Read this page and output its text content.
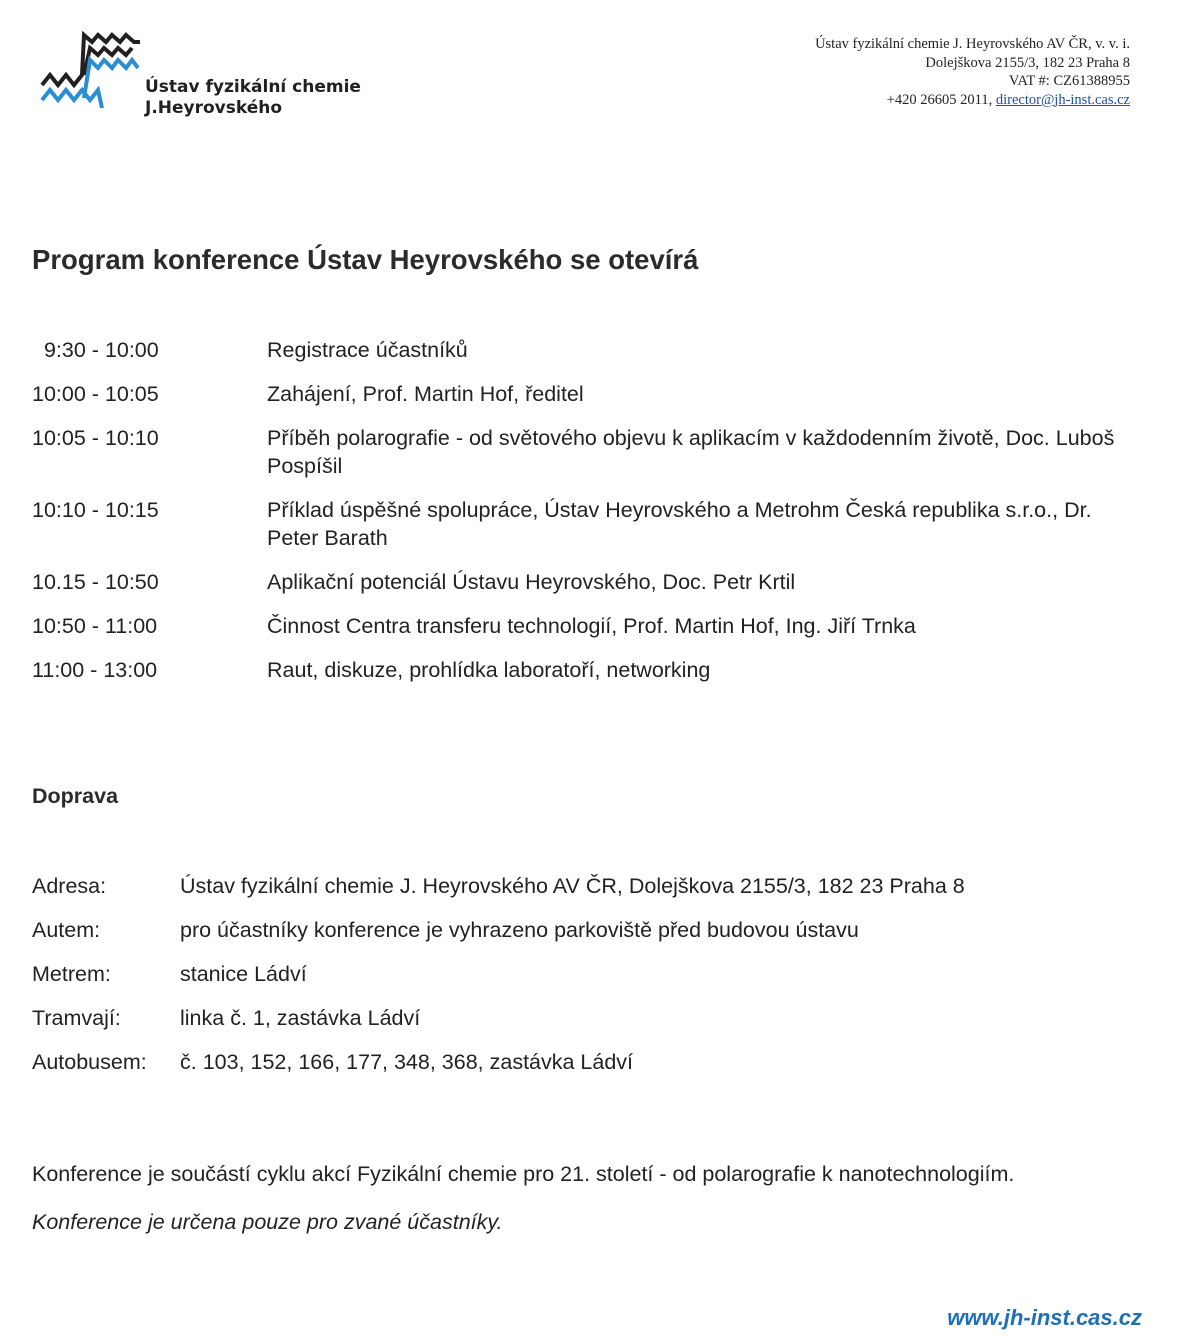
Ústav fyzikální chemie
J.Heyrovského
Ústav fyzikální chemie J. Heyrovského AV ČR, v. v. i.
Dolejškova 2155/3, 182 23 Praha 8
VAT #: CZ61388955
+420 26605 2011, director@jh-inst.cas.cz
Program konference Ústav Heyrovského se otevírá
9:30 - 10:00	Registrace účastníků
10:00 - 10:05	Zahájení, Prof. Martin Hof, ředitel
10:05 - 10:10	Příběh polarografie - od světového objevu k aplikacím v každodenním životě, Doc. Luboš Pospíšil
10:10 - 10:15	Příklad úspěšné spolupráce, Ústav Heyrovského a Metrohm Česká republika s.r.o., Dr. Peter Barath
10.15 - 10:50	Aplikační potenciál Ústavu Heyrovského, Doc. Petr Krtil
10:50 - 11:00	Činnost Centra transferu technologií, Prof. Martin Hof, Ing. Jiří Trnka
11:00 - 13:00	Raut, diskuze, prohlídka laboratoří, networking
Doprava
Adresa:	Ústav fyzikální chemie J. Heyrovského AV ČR, Dolejškova 2155/3, 182 23 Praha 8
Autem:	pro účastníky konference je vyhrazeno parkoviště před budovou ústavu
Metrem:	stanice Ládví
Tramvají:	linka č. 1, zastávka Ládví
Autobusem:	č. 103, 152, 166, 177, 348, 368, zastávka Ládví
Konference je součástí cyklu akcí Fyzikální chemie pro 21. století - od polarografie k nanotechnologiím.
Konference je určena pouze pro zvané účastníky.
www.jh-inst.cas.cz
